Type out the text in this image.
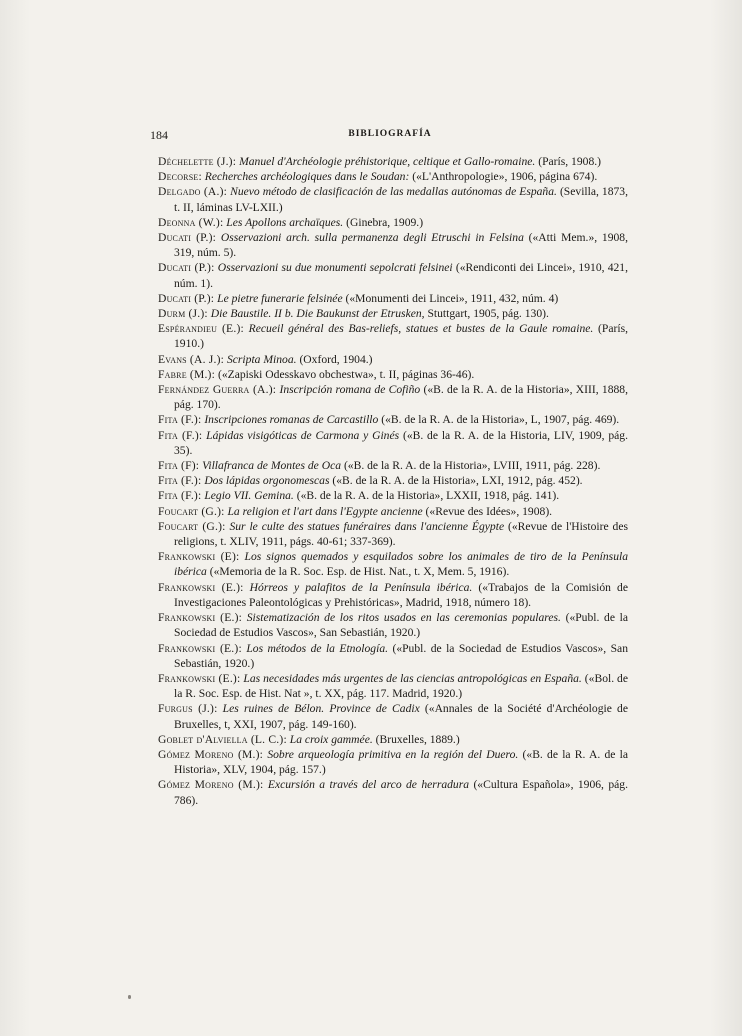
184	BIBLIOGRAFÍA

Déchelette (J.): Manuel d'Archéologie préhistorique, celtique et Gallo-romaine. (París, 1908.)

Decorse: Recherches archéologiques dans le Soudan: («L'Anthropologie», 1906, página 674).

Delgado (A.): Nuevo método de clasificación de las medallas autónomas de España. (Sevilla, 1873, t. II, láminas LV-LXII.)

Deonna (W.): Les Apollons archaïques. (Ginebra, 1909.)

Ducati (P.): Osservazioni arch. sulla permanenza degli Etruschi in Felsina («Atti Mem.», 1908, 319, núm. 5).

Ducati (P.): Osservazioni su due monumenti sepolcrati felsinei («Rendiconti dei Lincei», 1910, 421, núm. 1).

Ducati (P.): Le pietre funerarie felsinée («Monumenti dei Lincei», 1911, 432, núm. 4)

Durm (J.): Die Baustile. II b. Die Baukunst der Etrusken, Stuttgart, 1905, pág. 130).

Espérandieu (E.): Recueil général des Bas-reliefs, statues et bustes de la Gaule romaine. (París, 1910.)

Evans (A. J.): Scripta Minoa. (Oxford, 1904.)

Fabre (M.): («Zapiski Odesskavo obchestwa», t. II, páginas 36-46).

Fernández Guerra (A.): Inscripción romana de Cofiño («B. de la R. A. de la Historia», XIII, 1888, pág. 170).

Fita (F.): Inscripciones romanas de Carcastillo («B. de la R. A. de la Historia», L, 1907, pág. 469).

Fita (F.): Lápidas visigóticas de Carmona y Ginés («B. de la R. A. de la Historia, LIV, 1909, pág. 35).

Fita (F): Villafranca de Montes de Oca («B. de la R. A. de la Historia», LVIII, 1911, pág. 228).

Fita (F.): Dos lápidas orgonomescas («B. de la R. A. de la Historia», LXI, 1912, pág. 452).

Fita (F.): Legio VII. Gemina. («B. de la R. A. de la Historia», LXXII, 1918, pág. 141).

Foucart (G.): La religion et l'art dans l'Egypte ancienne («Revue des Idées», 1908).

Foucart (G.): Sur le culte des statues funéraires dans l'ancienne Égypte («Revue de l'Histoire des religions, t. XLIV, 1911, págs. 40-61; 337-369).

Frankowski (E): Los signos quemados y esquilados sobre los animales de tiro de la Península ibérica («Memoria de la R. Soc. Esp. de Hist. Nat., t. X, Mem. 5, 1916).

Frankowski (E.): Hórreos y palafitos de la Península ibérica. («Trabajos de la Comisión de Investigaciones Paleontológicas y Prehistóricas», Madrid, 1918, número 18).

Frankowski (E.): Sistematización de los ritos usados en las ceremonias populares. («Publ. de la Sociedad de Estudios Vascos», San Sebastián, 1920.)

Frankowski (E.): Los métodos de la Etnología. («Publ. de la Sociedad de Estudios Vascos», San Sebastián, 1920.)

Frankowski (E.): Las necesidades más urgentes de las ciencias antropológicas en España. («Bol. de la R. Soc. Esp. de Hist. Nat », t. XX, pág. 117. Madrid, 1920.)

Furgus (J.): Les ruines de Bélon. Province de Cadix («Annales de la Société d'Archéologie de Bruxelles, t, XXI, 1907, pág. 149-160).

Goblet d'Alviella (L. C.): La croix gammée. (Bruxelles, 1889.)

Gómez Moreno (M.): Sobre arqueología primitiva en la región del Duero. («B. de la R. A. de la Historia», XLV, 1904, pág. 157.)

Gómez Moreno (M.): Excursión a través del arco de herradura («Cultura Española», 1906, pág. 786).
